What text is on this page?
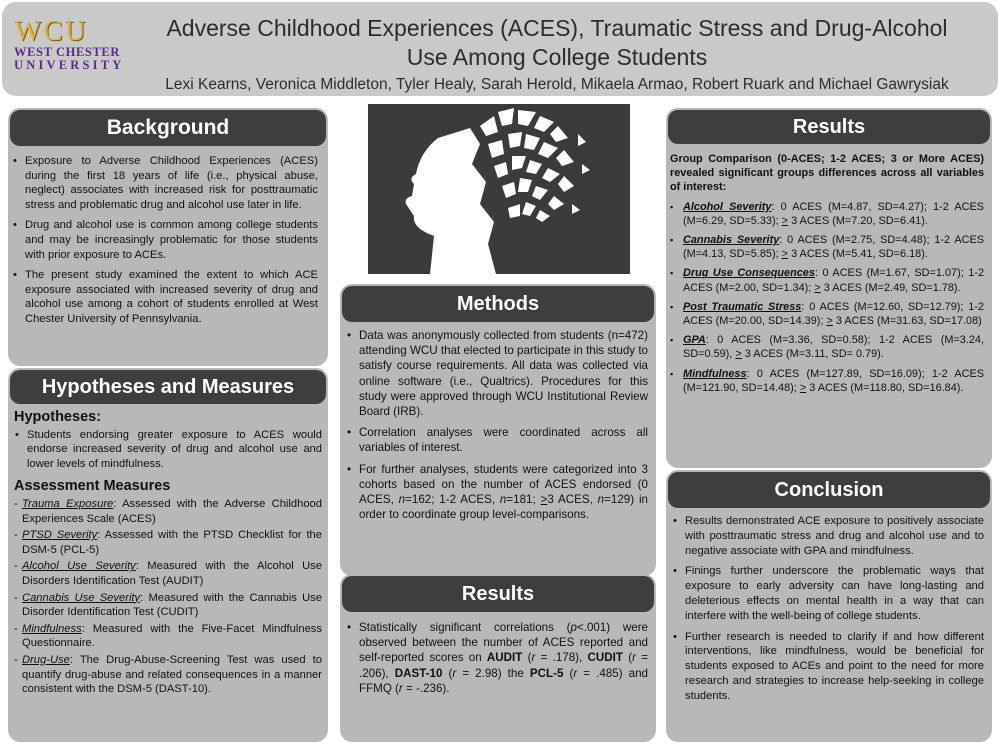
WCU
WEST CHESTER
UNIVERSITY
Adverse Childhood Experiences (ACES), Traumatic Stress and Drug-Alcohol
Use Among College Students
Lexi Kearns, Veronica Middleton, Tyler Healy, Sarah Herold, Mikaela Armao, Robert Ruark and Michael Gawrysiak
Background
• Exposure to Adverse Childhood Experiences (ACES) during the first 18 years of life (i.e., physical abuse, neglect) associates with increased risk for posttraumatic stress and problematic drug and alcohol use later in life.
• Drug and alcohol use is common among college students and may be increasingly problematic for those students with prior exposure to ACEs.
• The present study examined the extent to which ACE exposure associated with increased severity of drug and alcohol use among a cohort of students enrolled at West Chester University of Pennsylvania.
Hypotheses and Measures
Hypotheses:
• Students endorsing greater exposure to ACES would endorse increased severity of drug and alcohol use and lower levels of mindfulness.
Assessment Measures
- Trauma Exposure: Assessed with the Adverse Childhood Experiences Scale (ACES)
- PTSD Severity: Assessed with the PTSD Checklist for the DSM-5 (PCL-5)
- Alcohol Use Severity: Measured with the Alcohol Use Disorders Identification Test (AUDIT)
- Cannabis Use Severity: Measured with the Cannabis Use Disorder Identification Test (CUDIT)
- Mindfulness: Measured with the Five-Facet Mindfulness Questionnaire.
- Drug-Use: The Drug-Abuse-Screening Test was used to quantify drug-abuse and related consequences in a manner consistent with the DSM-5 (DAST-10).
Methods
• Data was anonymously collected from students (n=472) attending WCU that elected to participate in this study to satisfy course requirements. All data was collected via online software (i.e., Qualtrics). Procedures for this study were approved through WCU Institutional Review Board (IRB).
• Correlation analyses were coordinated across all variables of interest.
• For further analyses, students were categorized into 3 cohorts based on the number of ACES endorsed (0 ACES, n=162; 1-2 ACES, n=181; >3 ACES, n=129) in order to coordinate group level-comparisons.
Results
• Statistically significant correlations (p<.001) were observed between the number of ACES reported and self-reported scores on AUDIT (r = .178), CUDIT (r = .206), DAST-10 (r = 2.98) the PCL-5 (r = .485) and FFMQ (r = -.236).
Results
Group Comparison (0-ACES; 1-2 ACES; 3 or More ACES) revealed significant groups differences across all variables of interest:
▪ Alcohol Severity: 0 ACES (M=4.87, SD=4.27); 1-2 ACES (M=6.29, SD=5.33); > 3 ACES (M=7.20, SD=6.41).
▪ Cannabis Severity: 0 ACES (M=2.75, SD=4.48); 1-2 ACES (M=4.13, SD=5.85); > 3 ACES (M=5.41, SD=6.18).
▪ Drug Use Consequences: 0 ACES (M=1.67, SD=1.07); 1-2 ACES (M=2.00, SD=1.34); > 3 ACES (M=2.49, SD=1.78).
▪ Post Traumatic Stress: 0 ACES (M=12.60, SD=12.79); 1-2 ACES (M=20.00, SD=14.39); > 3 ACES (M=31.63, SD=17.08)
▪ GPA: 0 ACES (M=3.36, SD=0.58); 1-2 ACES (M=3.24, SD=0.59), > 3 ACES (M=3.11, SD= 0.79).
▪ Mindfulness: 0 ACES (M=127.89, SD=16.09); 1-2 ACES (M=121.90, SD=14.48); > 3 ACES (M=118.80, SD=16.84).
Conclusion
• Results demonstrated ACE exposure to positively associate with posttraumatic stress and drug and alcohol use and to negative associate with GPA and mindfulness.
• Finings further underscore the problematic ways that exposure to early adversity can have long-lasting and deleterious effects on mental health in a way that can interfere with the well-being of college students.
• Further research is needed to clarify if and how different interventions, like mindfulness, would be beneficial for students exposed to ACEs and point to the need for more research and strategies to increase help-seeking in college students.
